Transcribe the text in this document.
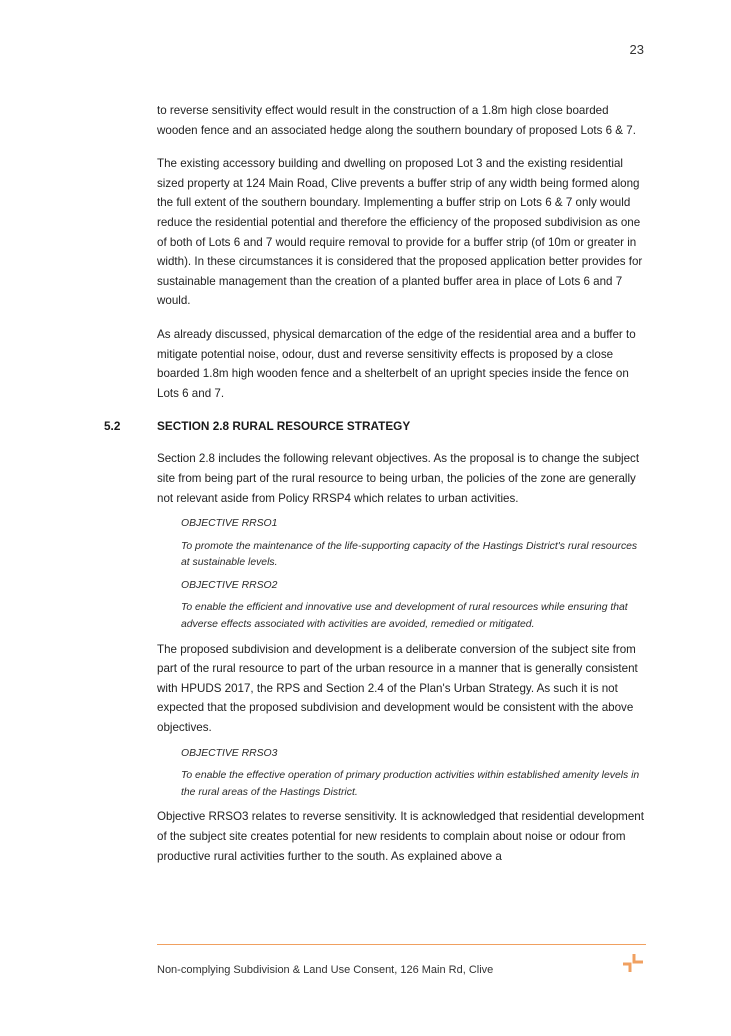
23

to reverse sensitivity effect would result in the construction of a 1.8m high close boarded wooden fence and an associated hedge along the southern boundary of proposed Lots 6 & 7.

The existing accessory building and dwelling on proposed Lot 3 and the existing residential sized property at 124 Main Road, Clive prevents a buffer strip of any width being formed along the full extent of the southern boundary. Implementing a buffer strip on Lots 6 & 7 only would reduce the residential potential and therefore the efficiency of the proposed subdivision as one of both of Lots 6 and 7 would require removal to provide for a buffer strip (of 10m or greater in width). In these circumstances it is considered that the proposed application better provides for sustainable management than the creation of a planted buffer area in place of Lots 6 and 7 would.

As already discussed, physical demarcation of the edge of the residential area and a buffer to mitigate potential noise, odour, dust and reverse sensitivity effects is proposed by a close boarded 1.8m high wooden fence and a shelterbelt of an upright species inside the fence on Lots 6 and 7.

5.2	SECTION 2.8 RURAL RESOURCE STRATEGY

Section 2.8 includes the following relevant objectives. As the proposal is to change the subject site from being part of the rural resource to being urban, the policies of the zone are generally not relevant aside from Policy RRSP4 which relates to urban activities.

OBJECTIVE RRSO1
To promote the maintenance of the life-supporting capacity of the Hastings District's rural resources at sustainable levels.
OBJECTIVE RRSO2
To enable the efficient and innovative use and development of rural resources while ensuring that adverse effects associated with activities are avoided, remedied or mitigated.

The proposed subdivision and development is a deliberate conversion of the subject site from part of the rural resource to part of the urban resource in a manner that is generally consistent with HPUDS 2017, the RPS and Section 2.4 of the Plan's Urban Strategy. As such it is not expected that the proposed subdivision and development would be consistent with the above objectives.

OBJECTIVE RRSO3
To enable the effective operation of primary production activities within established amenity levels in the rural areas of the Hastings District.

Objective RRSO3 relates to reverse sensitivity. It is acknowledged that residential development of the subject site creates potential for new residents to complain about noise or odour from productive rural activities further to the south. As explained above a

Non-complying Subdivision & Land Use Consent, 126 Main Rd, Clive
